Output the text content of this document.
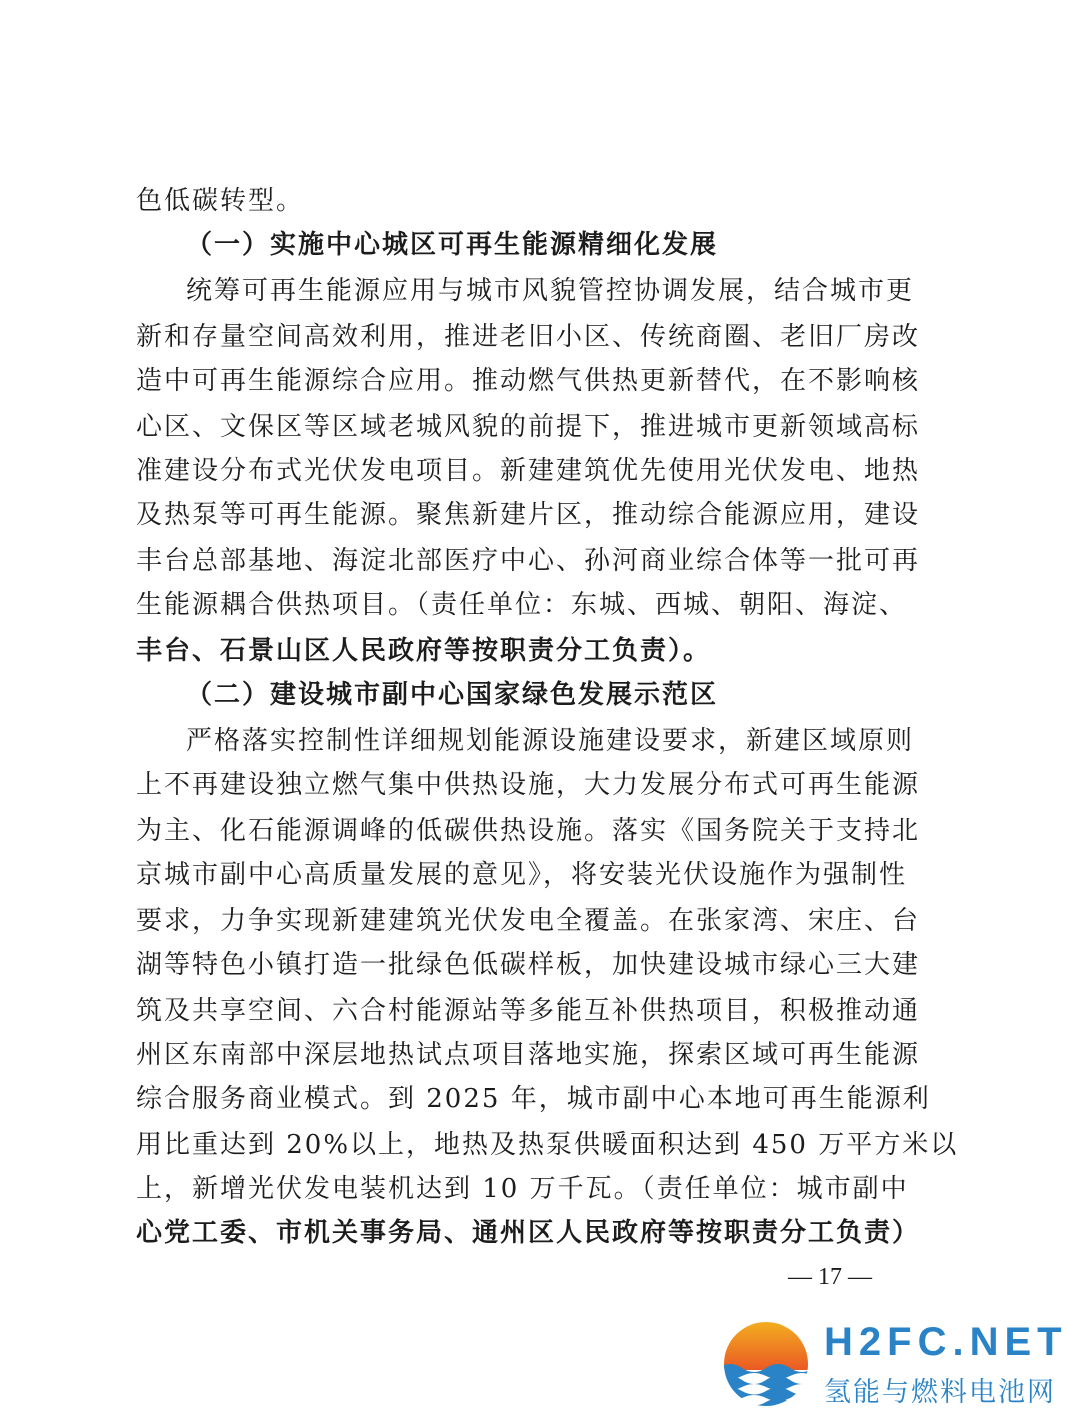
色低碳转型。
（一）实施中心城区可再生能源精细化发展
统筹可再生能源应用与城市风貌管控协调发展，结合城市更
新和存量空间高效利用，推进老旧小区、传统商圈、老旧厂房改
造中可再生能源综合应用。推动燃气供热更新替代，在不影响核
心区、文保区等区域老城风貌的前提下，推进城市更新领域高标
准建设分布式光伏发电项目。新建建筑优先使用光伏发电、地热
及热泵等可再生能源。聚焦新建片区，推动综合能源应用，建设
丰台总部基地、海淀北部医疗中心、孙河商业综合体等一批可再
生能源耦合供热项目。（责任单位：东城、西城、朝阳、海淀、
丰台、石景山区人民政府等按职责分工负责）。
（二）建设城市副中心国家绿色发展示范区
严格落实控制性详细规划能源设施建设要求，新建区域原则
上不再建设独立燃气集中供热设施，大力发展分布式可再生能源
为主、化石能源调峰的低碳供热设施。落实《国务院关于支持北
京城市副中心高质量发展的意见》，将安装光伏设施作为强制性
要求，力争实现新建建筑光伏发电全覆盖。在张家湾、宋庄、台
湖等特色小镇打造一批绿色低碳样板，加快建设城市绿心三大建
筑及共享空间、六合村能源站等多能互补供热项目，积极推动通
州区东南部中深层地热试点项目落地实施，探索区域可再生能源
综合服务商业模式。到 2025 年，城市副中心本地可再生能源利
用比重达到 20%以上，地热及热泵供暖面积达到 450 万平方米以
上，新增光伏发电装机达到 10 万千瓦。（责任单位：城市副中
心党工委、市机关事务局、通州区人民政府等按职责分工负责）
— 17 —
H2FC.NET
氢能与燃料电池网
